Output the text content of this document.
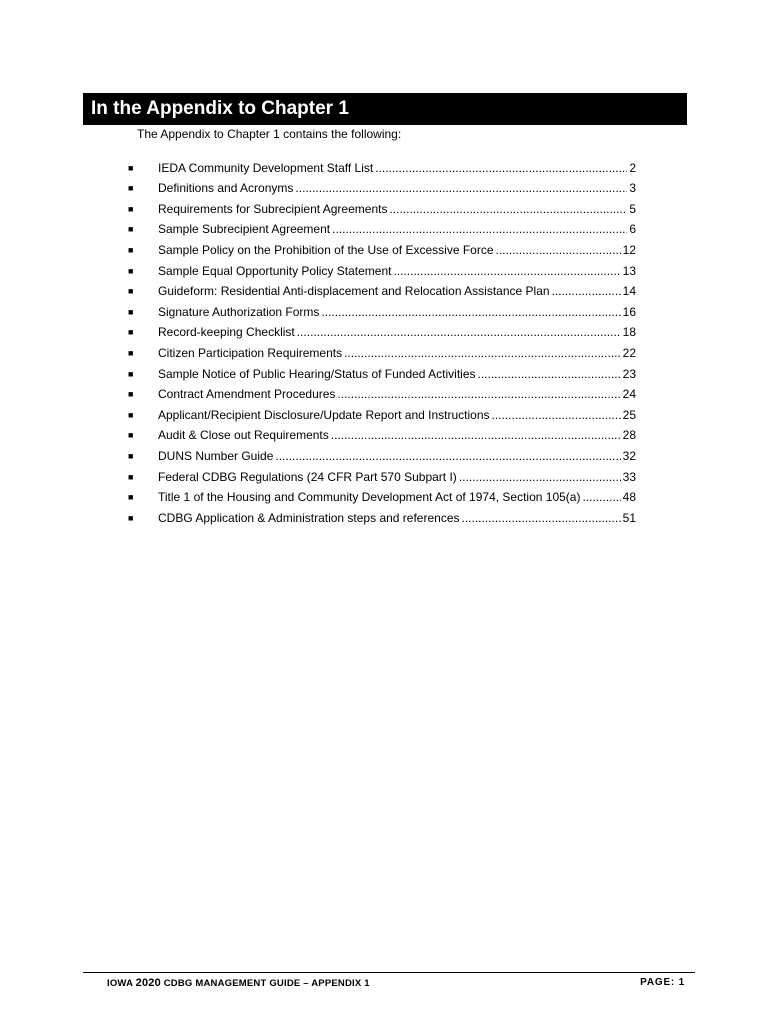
In the Appendix to Chapter 1
The Appendix to Chapter 1 contains the following:
■	IEDA Community Development Staff List .....	2
■	Definitions and Acronyms .....	3
■	Requirements for Subrecipient Agreements .....	5
■	Sample Subrecipient Agreement .....	6
■	Sample Policy on the Prohibition of the Use of Excessive Force .....	12
■	Sample Equal Opportunity Policy Statement .....	13
■	Guideform: Residential Anti-displacement and Relocation Assistance Plan .....	14
■	Signature Authorization Forms .....	16
■	Record-keeping Checklist .....	18
■	Citizen Participation Requirements .....	22
■	Sample Notice of Public Hearing/Status of Funded Activities .....	23
■	Contract Amendment Procedures .....	24
■	Applicant/Recipient Disclosure/Update Report and Instructions .....	25
■	Audit & Close out Requirements .....	28
■	DUNS Number Guide .....	32
■	Federal CDBG Regulations (24 CFR Part 570 Subpart I) .....	33
■	Title 1 of the Housing and Community Development Act of 1974, Section 105(a) .....	48
■	CDBG Application & Administration steps and references .....	51
IOWA 2020 CDBG MANAGEMENT GUIDE – APPENDIX 1	PAGE: 1
